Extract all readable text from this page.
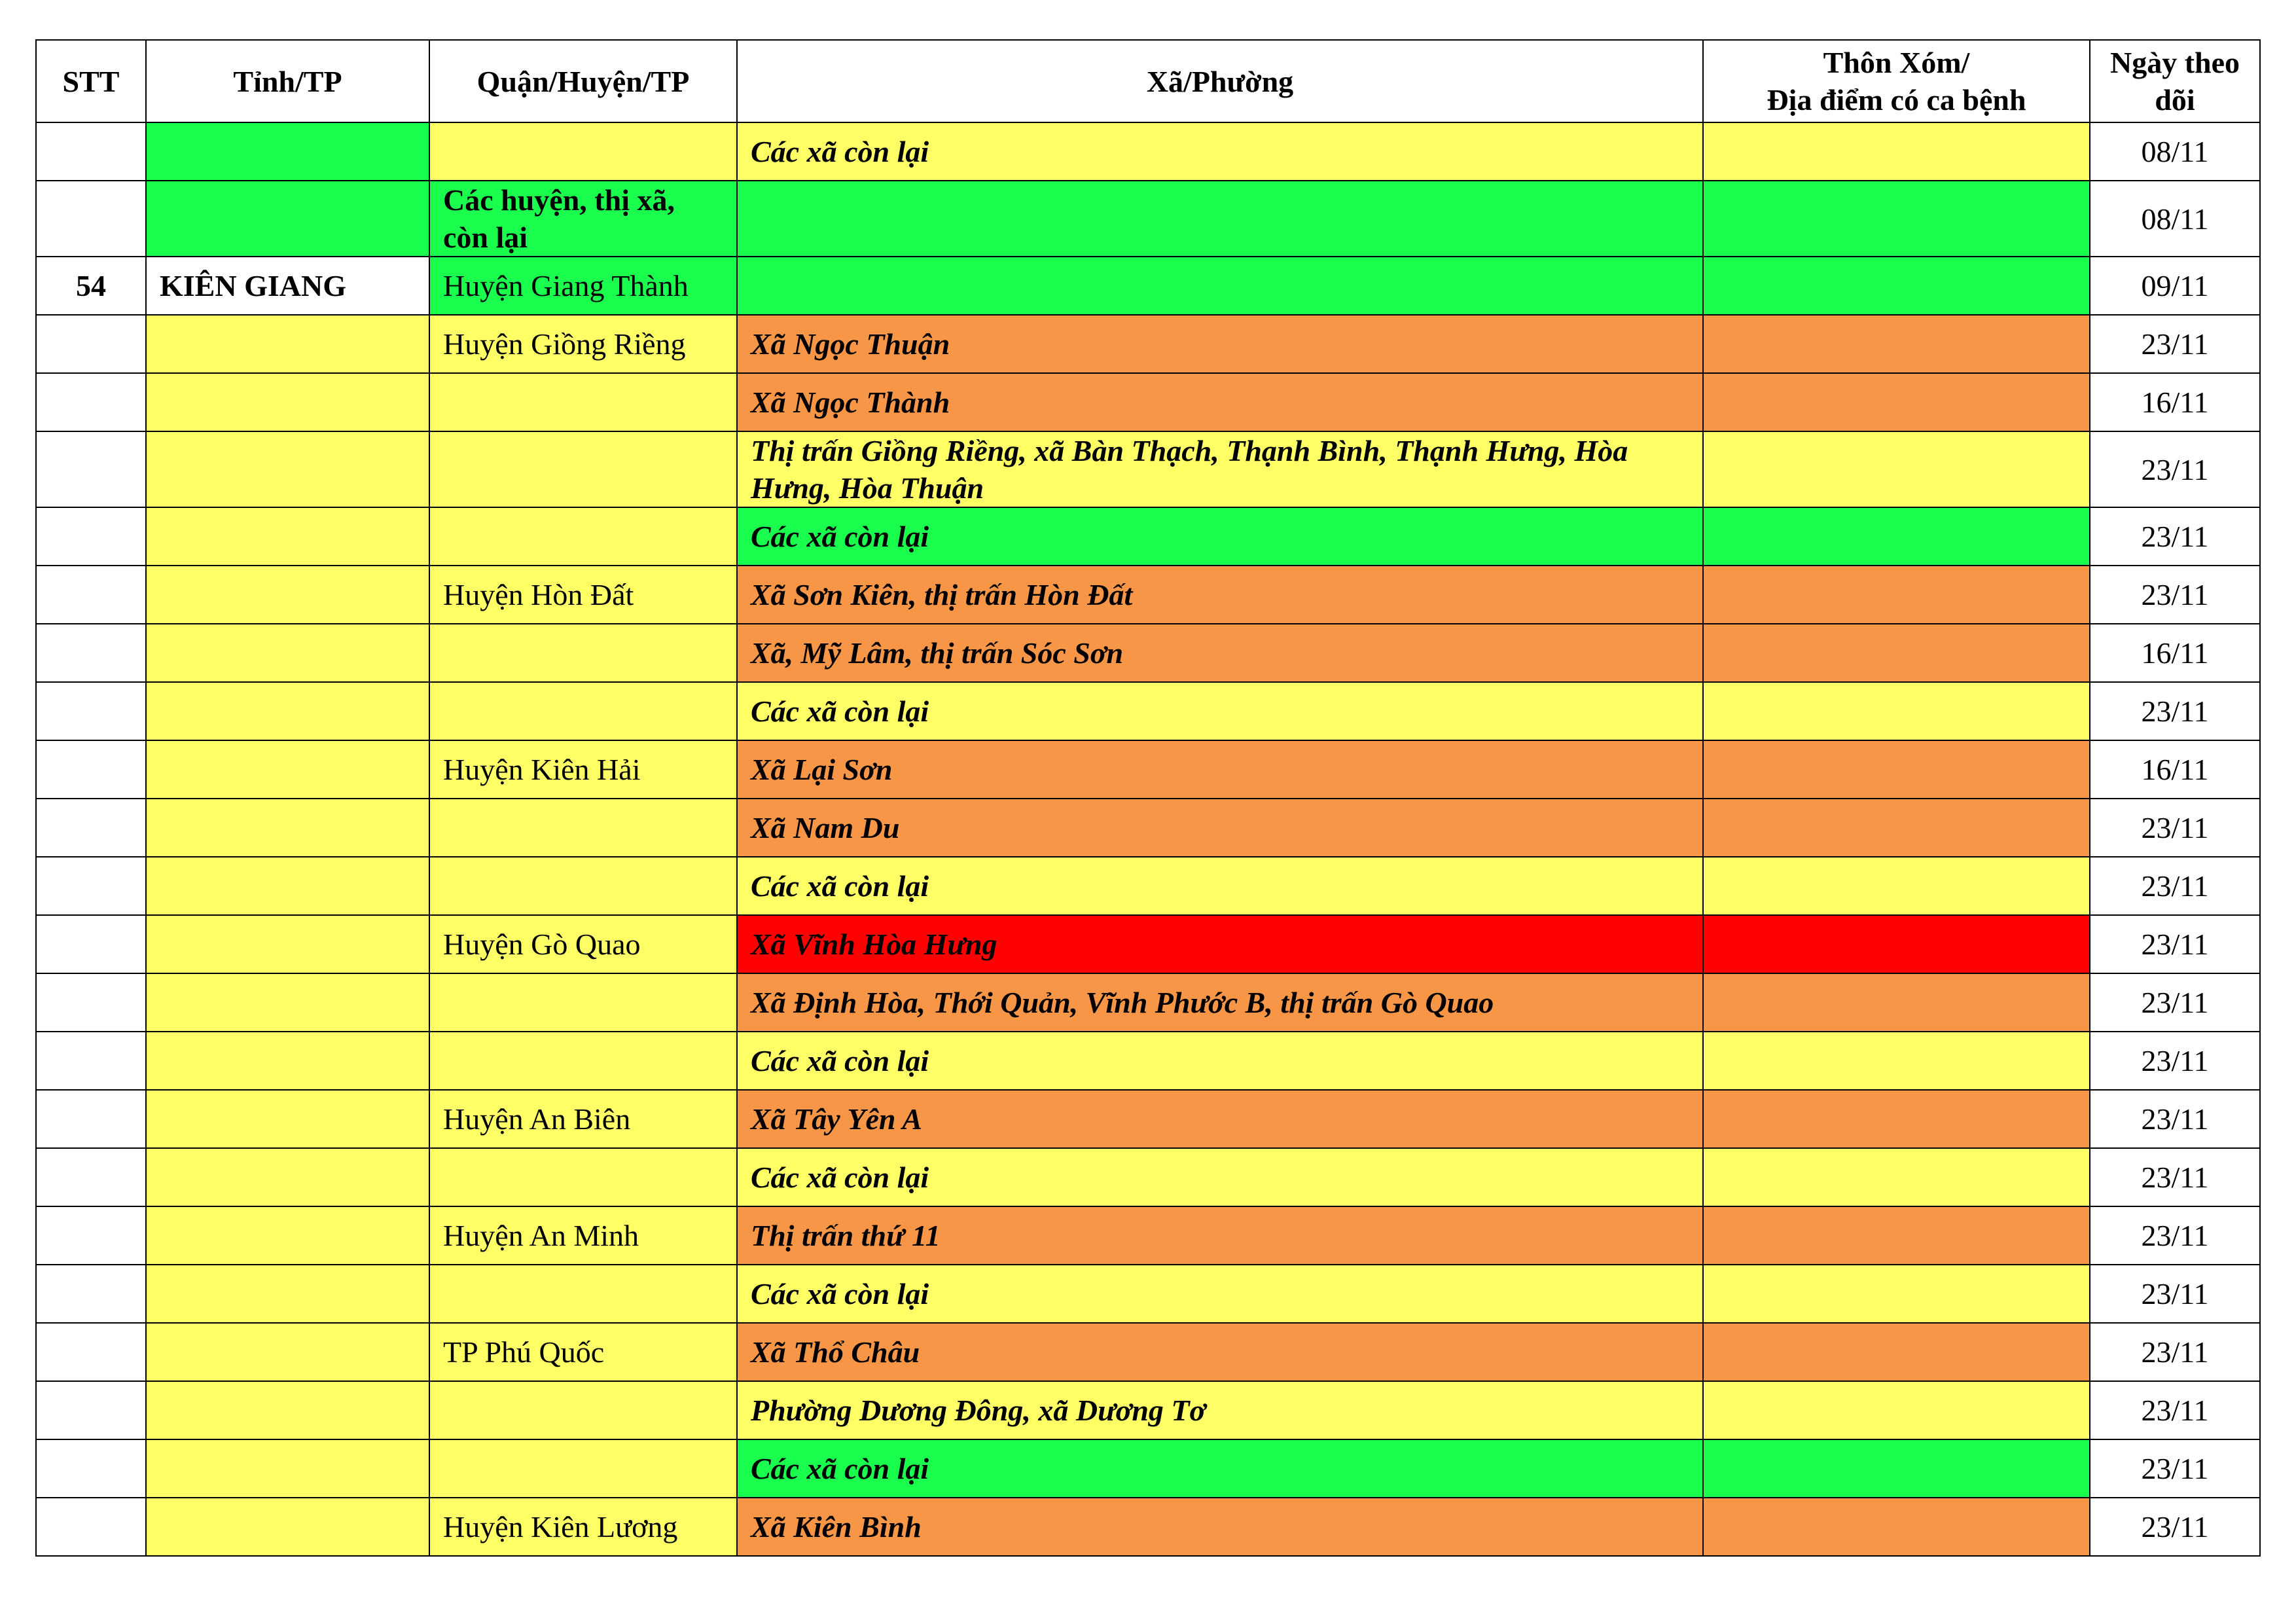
STT	Tỉnh/TP	Quận/Huyện/TP	Xã/Phường	Thôn Xóm/
Địa điểm có ca bệnh	Ngày theo
dõi
			Các xã còn lại		08/11
		Các huyện, thị xã, còn lại			08/11
54	KIÊN GIANG	Huyện Giang Thành			09/11
		Huyện Giồng Riềng	Xã Ngọc Thuận		23/11
			Xã Ngọc Thành		16/11
			Thị trấn Giồng Riềng, xã Bàn Thạch, Thạnh Bình, Thạnh Hưng, Hòa Hưng, Hòa Thuận		23/11
			Các xã còn lại		23/11
		Huyện Hòn Đất	Xã Sơn Kiên, thị trấn Hòn Đất		23/11
			Xã, Mỹ Lâm, thị trấn Sóc Sơn		16/11
			Các xã còn lại		23/11
		Huyện Kiên Hải	Xã Lại Sơn		16/11
			Xã Nam Du		23/11
			Các xã còn lại		23/11
		Huyện Gò Quao	Xã Vĩnh Hòa Hưng		23/11
			Xã Định Hòa, Thới Quản, Vĩnh Phước B, thị trấn Gò Quao		23/11
			Các xã còn lại		23/11
		Huyện An Biên	Xã Tây Yên A		23/11
			Các xã còn lại		23/11
		Huyện An Minh	Thị trấn thứ 11		23/11
			Các xã còn lại		23/11
		TP Phú Quốc	Xã Thổ Châu		23/11
			Phường Dương Đông, xã Dương Tơ		23/11
			Các xã còn lại		23/11
		Huyện Kiên Lương	Xã Kiên Bình		23/11
